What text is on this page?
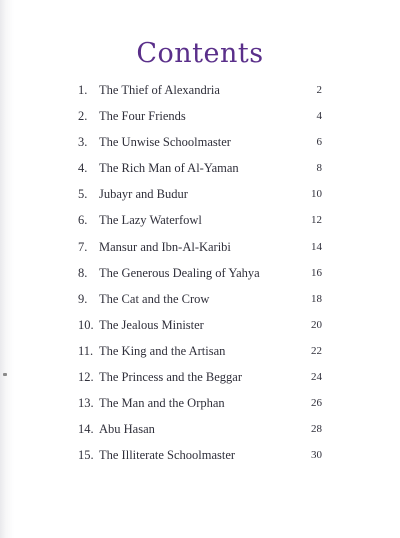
Contents
1. The Thief of Alexandria	2
2. The Four Friends	4
3. The Unwise Schoolmaster	6
4. The Rich Man of Al-Yaman	8
5. Jubayr and Budur	10
6. The Lazy Waterfowl	12
7. Mansur and Ibn-Al-Karibi	14
8. The Generous Dealing of Yahya	16
9. The Cat and the Crow	18
10. The Jealous Minister	20
11. The King and the Artisan	22
12. The Princess and the Beggar	24
13. The Man and the Orphan	26
14. Abu Hasan	28
15. The Illiterate Schoolmaster	30
